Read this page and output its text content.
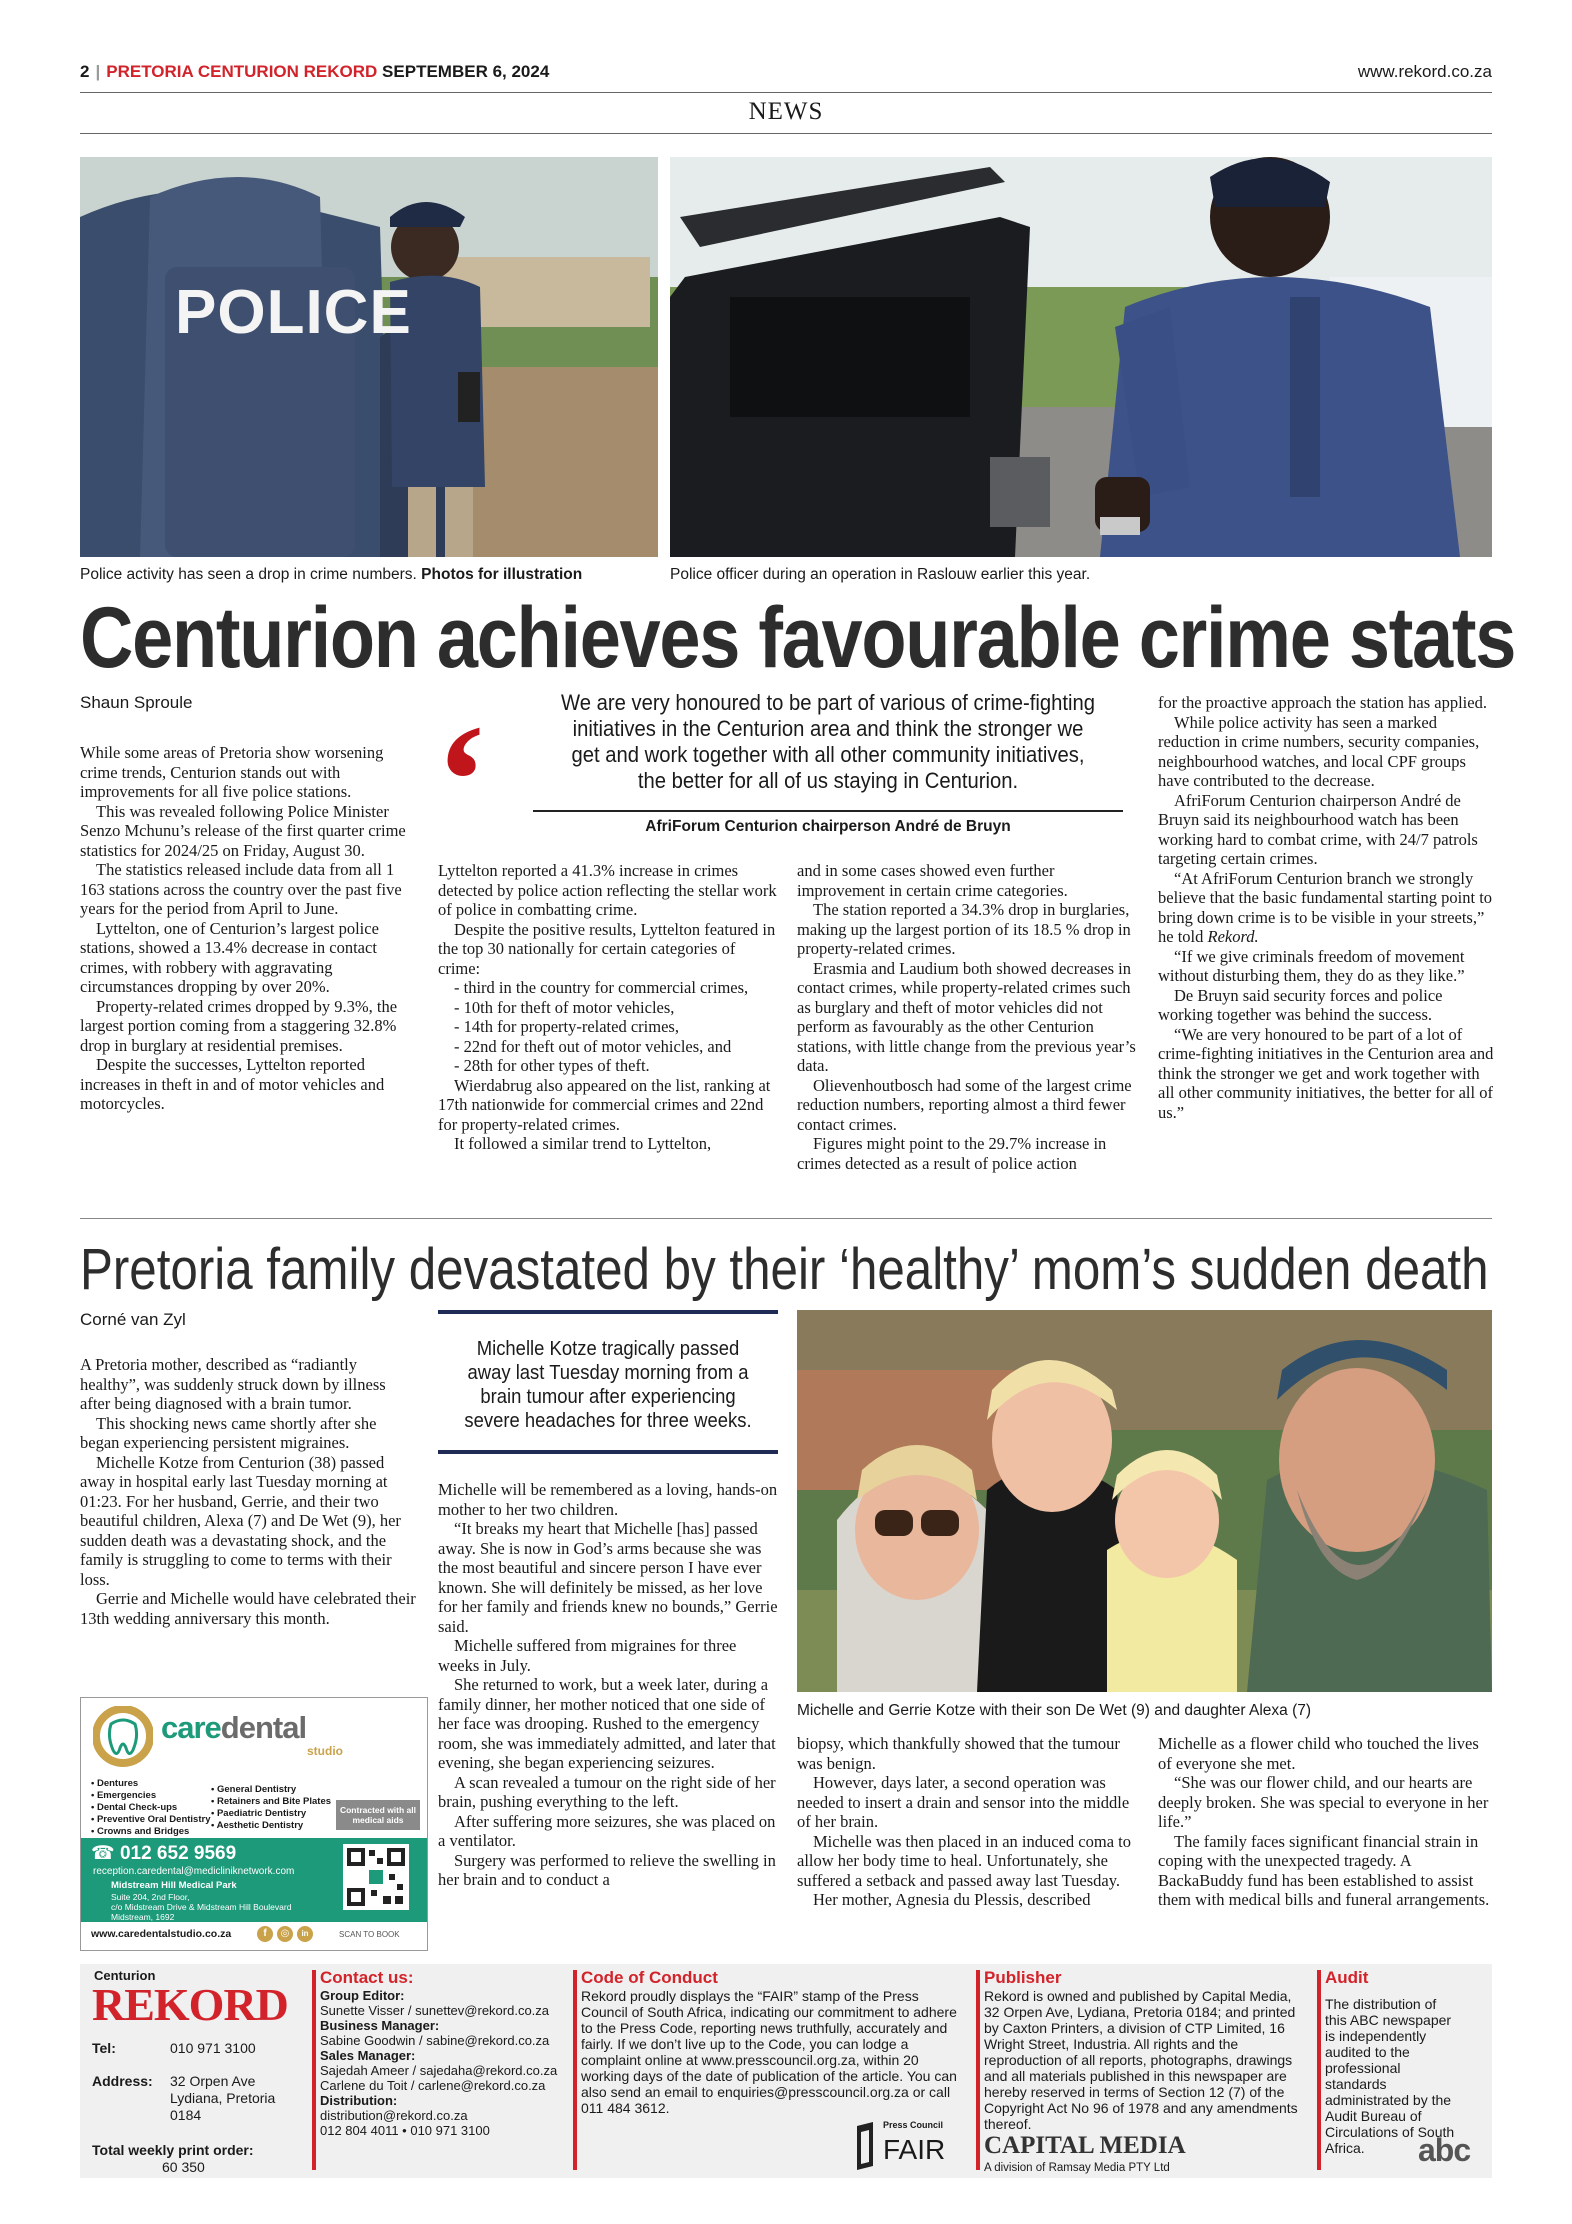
2 | PRETORIA CENTURION REKORD SEPTEMBER 6, 2024	www.rekord.co.za
NEWS
POLICE
Police activity has seen a drop in crime numbers. Photos for illustration	Police officer during an operation in Raslouw earlier this year.
Centurion achieves favourable crime stats
Shaun Sproule

While some areas of Pretoria show worsening crime trends, Centurion stands out with improvements for all five police stations.

This was revealed following Police Minister Senzo Mchunu’s release of the first quarter crime statistics for 2024/25 on Friday, August 30.

The statistics released include data from all 1 163 stations across the country over the past five years for the period from April to June.

Lyttelton, one of Centurion’s largest police stations, showed a 13.4% decrease in contact crimes, with robbery with aggravating circumstances dropping by over 20%.

Property-related crimes dropped by 9.3%, the largest portion coming from a staggering 32.8% drop in burglary at residential premises.

Despite the successes, Lyttelton reported increases in theft in and of motor vehicles and motorcycles.

‘	We are very honoured to be part of various of crime-fighting initiatives in the Centurion area and think the stronger we get and work together with all other community initiatives, the better for all of us staying in Centurion.
AfriForum Centurion chairperson André de Bruyn

Lyttelton reported a 41.3% increase in crimes detected by police action reflecting the stellar work of police in combatting crime.

Despite the positive results, Lyttelton featured in the top 30 nationally for certain categories of crime:

- third in the country for commercial crimes,

- 10th for theft of motor vehicles,

- 14th for property-related crimes,

- 22nd for theft out of motor vehicles, and

- 28th for other types of theft.

Wierdabrug also appeared on the list, ranking at 17th nationwide for commercial crimes and 22nd for property-related crimes.

It followed a similar trend to Lyttelton,

and in some cases showed even further improvement in certain crime categories.

The station reported a 34.3% drop in burglaries, making up the largest portion of its 18.5 % drop in property-related crimes.

Erasmia and Laudium both showed decreases in contact crimes, while property-related crimes such as burglary and theft of motor vehicles did not perform as favourably as the other Centurion stations, with little change from the previous year’s data.

Olievenhoutbosch had some of the largest crime reduction numbers, reporting almost a third fewer contact crimes.

Figures might point to the 29.7% increase in crimes detected as a result of police action

for the proactive approach the station has applied.

While police activity has seen a marked reduction in crime numbers, security companies, neighbourhood watches, and local CPF groups have contributed to the decrease.

AfriForum Centurion chairperson André de Bruyn said its neighbourhood watch has been working hard to combat crime, with 24/7 patrols targeting certain crimes.

“At AfriForum Centurion branch we strongly believe that the basic fundamental starting point to bring down crime is to be visible in your streets,” he told Rekord.

“If we give criminals freedom of movement without disturbing them, they do as they like.”

De Bruyn said security forces and police working together was behind the success.

“We are very honoured to be part of a lot of crime-fighting initiatives in the Centurion area and think the stronger we get and work together with all other community initiatives, the better for all of us.”

Pretoria family devastated by their ‘healthy’ mom’s sudden death
Corné van Zyl

A Pretoria mother, described as “radiantly healthy”, was suddenly struck down by illness after being diagnosed with a brain tumor.

This shocking news came shortly after she began experiencing persistent migraines.

Michelle Kotze from Centurion (38) passed away in hospital early last Tuesday morning at 01:23. For her husband, Gerrie, and their two beautiful children, Alexa (7) and De Wet (9), her sudden death was a devastating shock, and the family is struggling to come to terms with their loss.

Gerrie and Michelle would have celebrated their 13th wedding anniversary this month.

Michelle Kotze tragically passed away last Tuesday morning from a brain tumour after experiencing severe headaches for three weeks.

Michelle will be remembered as a loving, hands-on mother to her two children.

“It breaks my heart that Michelle [has] passed away. She is now in God’s arms because she was the most beautiful and sincere person I have ever known. She will definitely be missed, as her love for her family and friends knew no bounds,” Gerrie said.

Michelle suffered from migraines for three weeks in July.

She returned to work, but a week later, during a family dinner, her mother noticed that one side of her face was drooping. Rushed to the emergency room, she was immediately admitted, and later that evening, she began experiencing seizures.

A scan revealed a tumour on the right side of her brain, pushing everything to the left.

After suffering more seizures, she was placed on a ventilator.

Surgery was performed to relieve the swelling in her brain and to conduct a

Michelle and Gerrie Kotze with their son De Wet (9) and daughter Alexa (7)

biopsy, which thankfully showed that the tumour was benign.

However, days later, a second operation was needed to insert a drain and sensor into the middle of her brain.

Michelle was then placed in an induced coma to allow her body time to heal. Unfortunately, she suffered a setback and passed away last Tuesday.

Her mother, Agnesia du Plessis, described

Michelle as a flower child who touched the lives of everyone she met.

“She was our flower child, and our hearts are deeply broken. She was special to everyone in her life.”

The family faces significant financial strain in coping with the unexpected tragedy. A BackaBuddy fund has been established to assist them with medical bills and funeral arrangements.

caredental
studio
• Dentures
• Emergencies
• Dental Check-ups
• Preventive Oral Dentistry
• Crowns and Bridges
• General Dentistry
• Retainers and Bite Plates
• Paediatric Dentistry
• Aesthetic Dentistry
Contracted with all medical aids
☎ 012 652 9569
reception.caredental@medicliniknetwork.com
Midstream Hill Medical Park
Suite 204, 2nd Floor,
c/o Midstream Drive & Midstream Hill Boulevard
Midstream, 1692
www.caredentalstudio.co.za	f	◎	in	SCAN TO BOOK
Centurion
REKORD
Tel:	010 971 3100
Address:	32 Orpen Ave
Lydiana, Pretoria
0184
Total weekly print order:
60 350
Contact us:
Group Editor:
Sunette Visser / sunettev@rekord.co.za
Business Manager:
Sabine Goodwin / sabine@rekord.co.za
Sales Manager:
Sajedah Ameer / sajedaha@rekord.co.za
Carlene du Toit / carlene@rekord.co.za
Distribution:
distribution@rekord.co.za
012 804 4011 • 010 971 3100
Code of Conduct
Rekord proudly displays the “FAIR” stamp of the Press Council of South Africa, indicating our commitment to adhere to the Press Code, reporting news truthfully, accurately and fairly. If we don’t live up to the Code, you can lodge a complaint online at www.presscouncil.org.za, within 20 working days of the date of publication of the article. You can also send an email to enquiries@presscouncil.org.za or call 011 484 3612.
Press Council
FAIR
Publisher
Rekord is owned and published by Capital Media, 32 Orpen Ave, Lydiana, Pretoria 0184; and printed by Caxton Printers, a division of CTP Limited, 16 Wright Street, Industria. All rights and the reproduction of all reports, photographs, drawings and all materials published in this newspaper are hereby reserved in terms of Section 12 (7) of the Copyright Act No 96 of 1978 and any amendments thereof.
CAPITAL MEDIA
A division of Ramsay Media PTY Ltd
Audit
The distribution of this ABC newspaper is independently audited to the professional standards administrated by the Audit Bureau of Circulations of South Africa.	abc
